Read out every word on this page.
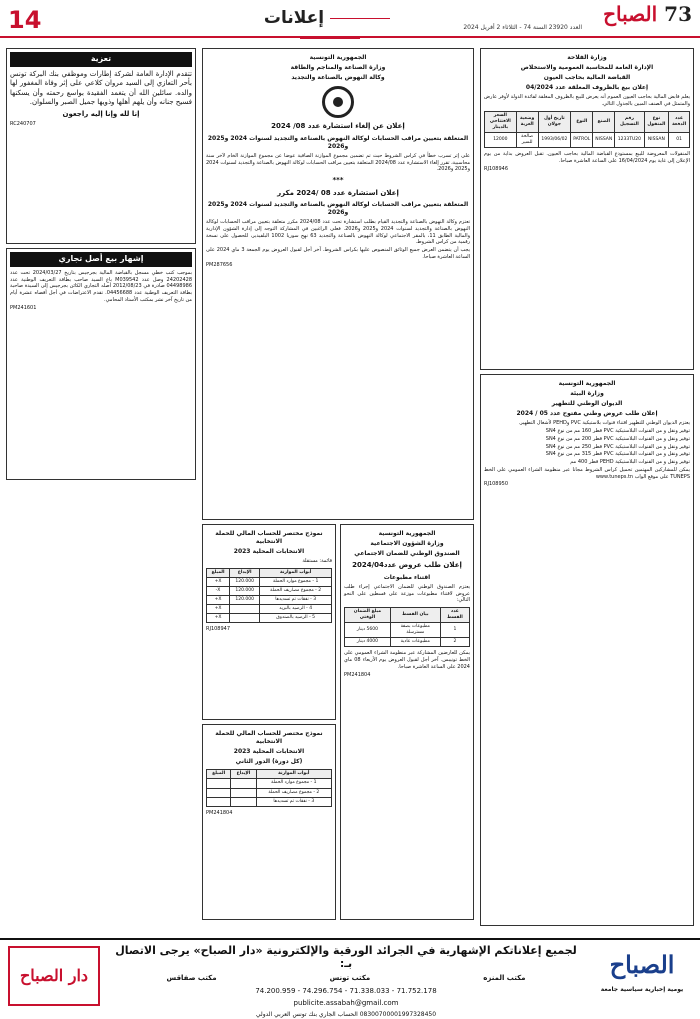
14	إعلانات	العدد 23920 السنة 74 - الثلاثاء 2 أفريل 2024
73 الصباح
وزارة الفلاحة
الإدارة العامة للمحاسبة العمومية والاستخلاص
القباضة المالية بحاجب العيون
إعلان بيع بالظروف المغلقة عدد 04/2024
يعلم قابض المالية بحاجب العيون العموم أنه يعرض للبيع بالظروف المغلقة لفائدة الدولة لأوفر عارض والمتمثل في الصنف المبين بالجدول التالي.
عدد الدفعة	نوع المنقول	رقم التسجيل	الصنع	النوع	تاريخ أول جولان	وضعية العربة	السعر الافتتاحي بالدينار
01	NISSAN	1233TU20	NISSAN	PATROL	1993/06/02	صالحة للسير	12000
المنقولات المعروضة للبيع بمستودع القباضة المالية بحاجب العيون. تقبل العروض بداية من يوم الإعلان إلى غاية يوم 16/04/2024 على الساعة العاشرة صباحا.
RJ108946
الجمهورية التونسية
وزارة البيئة
الديوان الوطني للتطهير
إعلان طلب عروض وطني مفتوح عدد 05 / 2024
يعتزم الديوان الوطني للتطهير اقتناء قنوات بلاستيكية PVC وPEHD لأشغال التطهير.
توفير ونقل و من القنوات البلاستيكية PVC قطر 160 مم من نوع SN4
توفير ونقل و من القنوات البلاستيكية PVC قطر 200 مم من نوع SN4
توفير ونقل و من القنوات البلاستيكية PVC قطر 250 مم من نوع SN4
توفير ونقل و من القنوات البلاستيكية PVC قطر 315 مم من نوع SN4
توفير ونقل و من القنوات البلاستيكية PEHD قطر 400 مم
يمكن للمشاركين المهتمين تحميل كراس الشروط مجانا عبر منظومة الشراء العمومي على الخط TUNEPS على موقع الواب www.tuneps.tn
RJ108950
الجمهورية التونسية
وزارة الصناعة والمناجم والطاقة
وكالة النهوض بالصناعة والتجديد
إعلان عن إلغاء استشارة عدد 08/ 2024
المتعلقة بتعيين مراقب الحسابات لوكالة النهوض بالصناعة والتجديد لسنوات 2024 و2025 و2026
على إثر تسرب خطأ في كراس الشروط حيث تم تضمين مجموع الموازنة الصافية عوضا عن مجموع الموازنة الخام لآخر سنة محاسبية، تقرر إلغاء الاستشارة عدد 2024/08 المتعلقة بتعيين مراقب الحسابات لوكالة النهوض بالصناعة والتجديد لسنوات 2024 و2025 و2026.
***
إعلان استشارة عدد 08 /2024 مكرر
المتعلقة بتعيين مراقب الحسابات لوكالة النهوض بالصناعة والتجديد لسنوات 2024 و2025 و2026
تعتزم وكالة النهوض بالصناعة والتجديد القيام بطلب استشارة تحت عدد 2024/08 مكرر متعلقة بتعيين مراقب الحسابات لوكالة النهوض بالصناعة والتجديد لسنوات 2024 و2025 و2026. فعلى الراغبين في المشاركة التوجه إلى إدارة الشؤون الإدارية والمالية الطابق 11، بالمقر الاجتماعي لوكالة النهوض بالصناعة والتجديد 63 نهج سوريا 1002 البلفيدير، للحصول على نسخة رقمية من كراس الشروط.
يجب أن يتضمن العرض جميع الوثائق المنصوص عليها بكراس الشروط. آخر أجل لقبول العروض يوم الجمعة 3 ماي 2024 على الساعة العاشرة صباحا.
PM287656
الجمهورية التونسية
وزارة الشؤون الاجتماعية
الصندوق الوطني للضمان الاجتماعي
إعلان طلب عروض عدد2024/04
اقتناء مطبوعات
يعتزم الصندوق الوطني للضمان الاجتماعي إجراء طلب عروض لاقتناء مطبوعات موزعة على قسطين على النحو التالي:
عدد القسط	بيان القسط	مبلغ الضمان الوقتي
1	مطبوعات بصفة مسترسلة	5600 دينار
2	مطبوعات عادية	4000 دينار
يمكن للعارضين المشاركة عبر منظومة الشراء العمومي على الخط تونيبس. آخر أجل لقبول العروض يوم الأربعاء 08 ماي 2024 على الساعة العاشرة صباحا.
PM241804
نموذج مختصر للحساب المالي للحملة الانتخابية
الانتخابات المحلية 2023
قائمة: مستقلة
أبواب الموازنة	الإيداع	المبلغ
1 - مجموع موارد الحملة	120.000	X+
2 - مجموع مصاريف الحملة	120.000	X-
3 - نفقات تم تسديدها	120.000	X+
4 - الرصيد بالبريد		X+
5 - الرصيد بالصندوق		X+
RJ108947
نموذج مختصر للحساب المالي للحملة الانتخابية
الانتخابات المحلية 2023
(كل دورة) الدور الثاني
أبواب الموازنة	الإيداع	المبلغ
1 - مجموع موارد الحملة		
2 - مجموع مصاريف الحملة		
3 - نفقات تم تسديدها		
PM241804
تعزية
تتقدم الإدارة العامة لشركة إطارات وموظفي بنك البركة تونس بأحر التعازي إلى السيد مروان كلاعي على إثر وفاة المغفور لها والده. سائلين الله أن يتغمد الفقيدة بواسع رحمته وأن يسكنها فسيح جنانه وأن يلهم أهلها وذويها جميل الصبر والسلوان.
إنا لله وإنا إليه راجعون
RC240707
إشهار بيع أصل تجاري
بموجب كتب خطي مسجل بالقباضة المالية بجرجيس بتاريخ 2024/03/27 تحت عدد 24202428 وصل عدد M039542 باع السيد صاحب بطاقة التعريف الوطنية عدد 04498986 صادرة في 2012/08/23 أصله التجاري الكائن بجرجيس إلى السيدة صاحبة بطاقة التعريف الوطنية عدد 04456688. تقدم الاعتراضات في أجل أقصاه عشرة أيام من تاريخ آخر نشر بمكتب الأستاذ المحامي.
PM241601
الصباح
يومية إخبارية سياسية جامعة
لجميع إعلاناتكم الإشهارية في الجرائد الورقية والإلكترونية «دار الصباح» يرجى الاتصال بـ:
مكتب المنزه
مكتب تونس
مكتب صفاقس
71.752.178 - 71.338.033 - 74.296.754 - 74.200.959
publicite.assabah@gmail.com
08300700001997328450 الحساب الجاري بنك تونس العربي الدولي
دار الصباح
